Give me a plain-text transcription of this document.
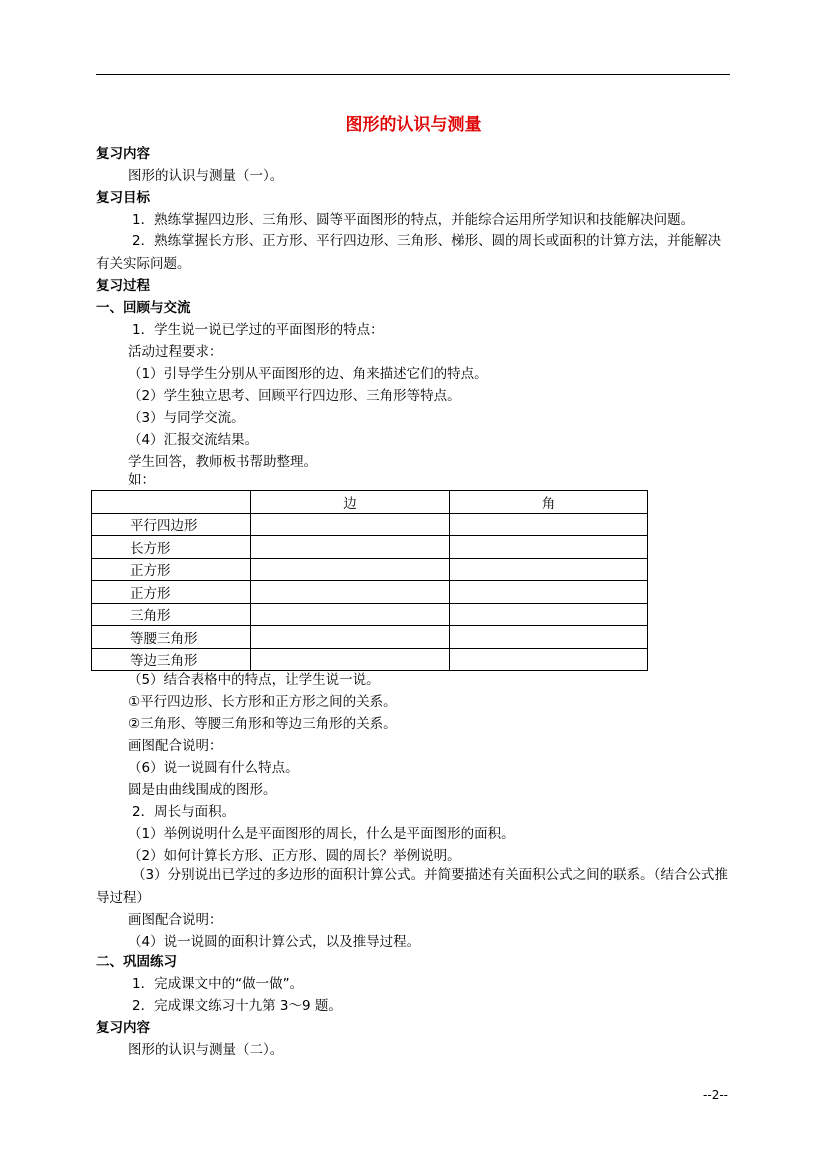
图形的认识与测量
复习内容
图形的认识与测量（一）。
复习目标
1．熟练掌握四边形、三角形、圆等平面图形的特点，并能综合运用所学知识和技能解决问题。
2．熟练掌握长方形、正方形、平行四边形、三角形、梯形、圆的周长或面积的计算方法，并能解决有关实际问题。
复习过程
一、回顾与交流
1．学生说一说已学过的平面图形的特点：
活动过程要求：
（1）引导学生分别从平面图形的边、角来描述它们的特点。
（2）学生独立思考、回顾平行四边形、三角形等特点。
（3）与同学交流。
（4）汇报交流结果。
学生回答，教师板书帮助整理。
如：
	边	角
平行四边形		
长方形		
正方形		
正方形		
三角形		
等腰三角形		
等边三角形		
（5）结合表格中的特点，让学生说一说。
①平行四边形、长方形和正方形之间的关系。
②三角形、等腰三角形和等边三角形的关系。
画图配合说明：
（6）说一说圆有什么特点。
圆是由曲线围成的图形。
2．周长与面积。
（1）举例说明什么是平面图形的周长，什么是平面图形的面积。
（2）如何计算长方形、正方形、圆的周长？举例说明。
（3）分别说出已学过的多边形的面积计算公式。并简要描述有关面积公式之间的联系。（结合公式推导过程）
画图配合说明：
（4）说一说圆的面积计算公式，以及推导过程。
二、巩固练习
1．完成课文中的“做一做”。
2．完成课文练习十九第 3～9 题。
复习内容
图形的认识与测量（二）。
--2--
